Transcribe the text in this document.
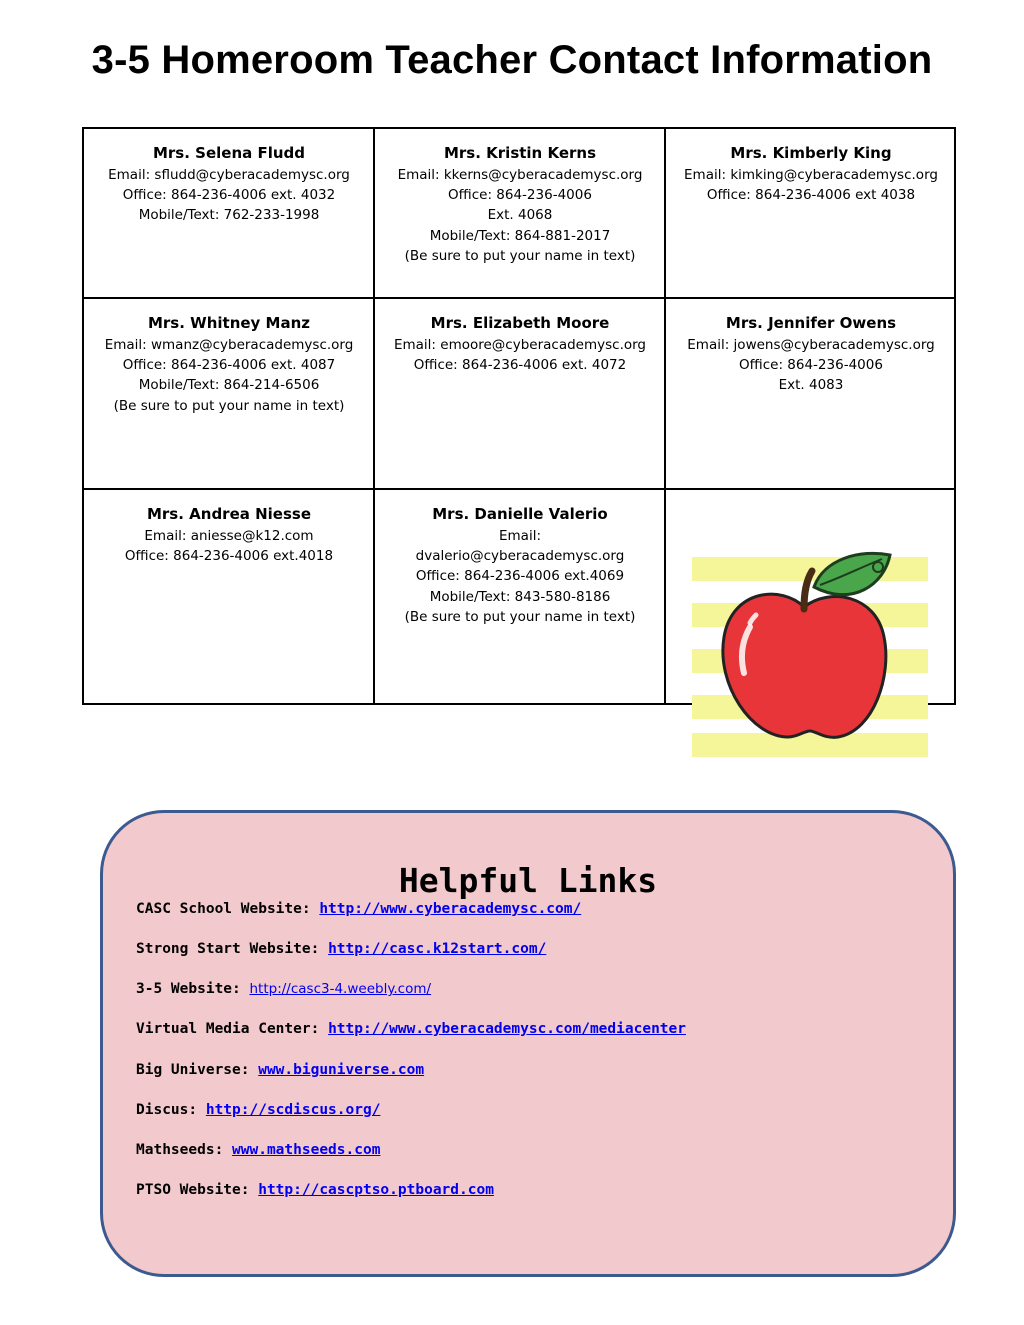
3-5 Homeroom Teacher Contact Information
Mrs. Selena Fludd
Email: sfludd@cyberacademysc.org
Office: 864-236-4006 ext. 4032
Mobile/Text: 762-233-1998
Mrs. Kristin Kerns
Email: kkerns@cyberacademysc.org
Office: 864-236-4006
Ext. 4068
Mobile/Text: 864-881-2017
(Be sure to put your name in text)
Mrs. Kimberly King
Email: kimking@cyberacademysc.org
Office: 864-236-4006 ext 4038
Mrs. Whitney Manz
Email: wmanz@cyberacademysc.org
Office: 864-236-4006 ext. 4087
Mobile/Text: 864-214-6506
(Be sure to put your name in text)
Mrs. Elizabeth Moore
Email: emoore@cyberacademysc.org
Office: 864-236-4006 ext. 4072
Mrs. Jennifer Owens
Email: jowens@cyberacademysc.org
Office: 864-236-4006
Ext. 4083
Mrs. Andrea Niesse
Email: aniesse@k12.com
Office: 864-236-4006 ext.4018
Mrs. Danielle Valerio
Email:
dvalerio@cyberacademysc.org
Office: 864-236-4006 ext.4069
Mobile/Text: 843-580-8186
(Be sure to put your name in text)
Helpful Links
CASC School Website: http://www.cyberacademysc.com/
Strong Start Website: http://casc.k12start.com/
3-5 Website: http://casc3-4.weebly.com/
Virtual Media Center: http://www.cyberacademysc.com/mediacenter
Big Universe: www.biguniverse.com
Discus: http://scdiscus.org/
Mathseeds: www.mathseeds.com
PTSO Website: http://cascptso.ptboard.com
